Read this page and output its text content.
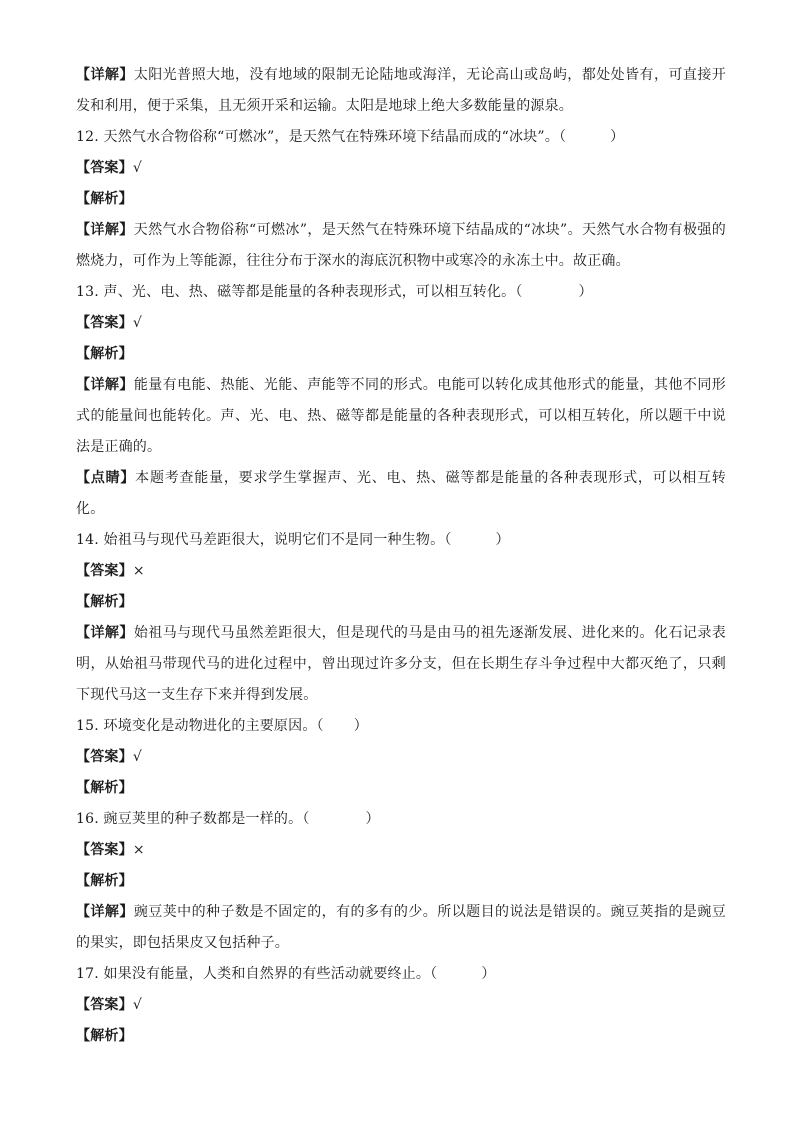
【详解】太阳光普照大地，没有地域的限制无论陆地或海洋，无论高山或岛屿，都处处皆有，可直接开发和利用，便于采集，且无须开采和运输。太阳是地球上绝大多数能量的源泉。
12. 天然气水合物俗称“可燃冰”，是天然气在特殊环境下结晶而成的“冰块”。（	）
【答案】√
【解析】
【详解】天然气水合物俗称“可燃冰”，是天然气在特殊环境下结晶成的“冰块”。天然气水合物有极强的燃烧力，可作为上等能源，往往分布于深水的海底沉积物中或寒冷的永冻土中。故正确。
13. 声、光、电、热、磁等都是能量的各种表现形式，可以相互转化。（	）
【答案】√
【解析】
【详解】能量有电能、热能、光能、声能等不同的形式。电能可以转化成其他形式的能量，其他不同形式的能量间也能转化。声、光、电、热、磁等都是能量的各种表现形式，可以相互转化，所以题干中说法是正确的。
【点睛】本题考查能量，要求学生掌握声、光、电、热、磁等都是能量的各种表现形式，可以相互转化。
14. 始祖马与现代马差距很大，说明它们不是同一种生物。（	）
【答案】×
【解析】
【详解】始祖马与现代马虽然差距很大，但是现代的马是由马的祖先逐渐发展、进化来的。化石记录表明，从始祖马带现代马的进化过程中，曾出现过许多分支，但在长期生存斗争过程中大都灭绝了，只剩下现代马这一支生存下来并得到发展。
15. 环境变化是动物进化的主要原因。（ ）
【答案】√
【解析】
16. 豌豆荚里的种子数都是一样的。（	）
【答案】×
【解析】
【详解】豌豆荚中的种子数是不固定的，有的多有的少。所以题目的说法是错误的。豌豆荚指的是豌豆的果实，即包括果皮又包括种子。
17. 如果没有能量，人类和自然界的有些活动就要终止。（	）
【答案】√
【解析】
